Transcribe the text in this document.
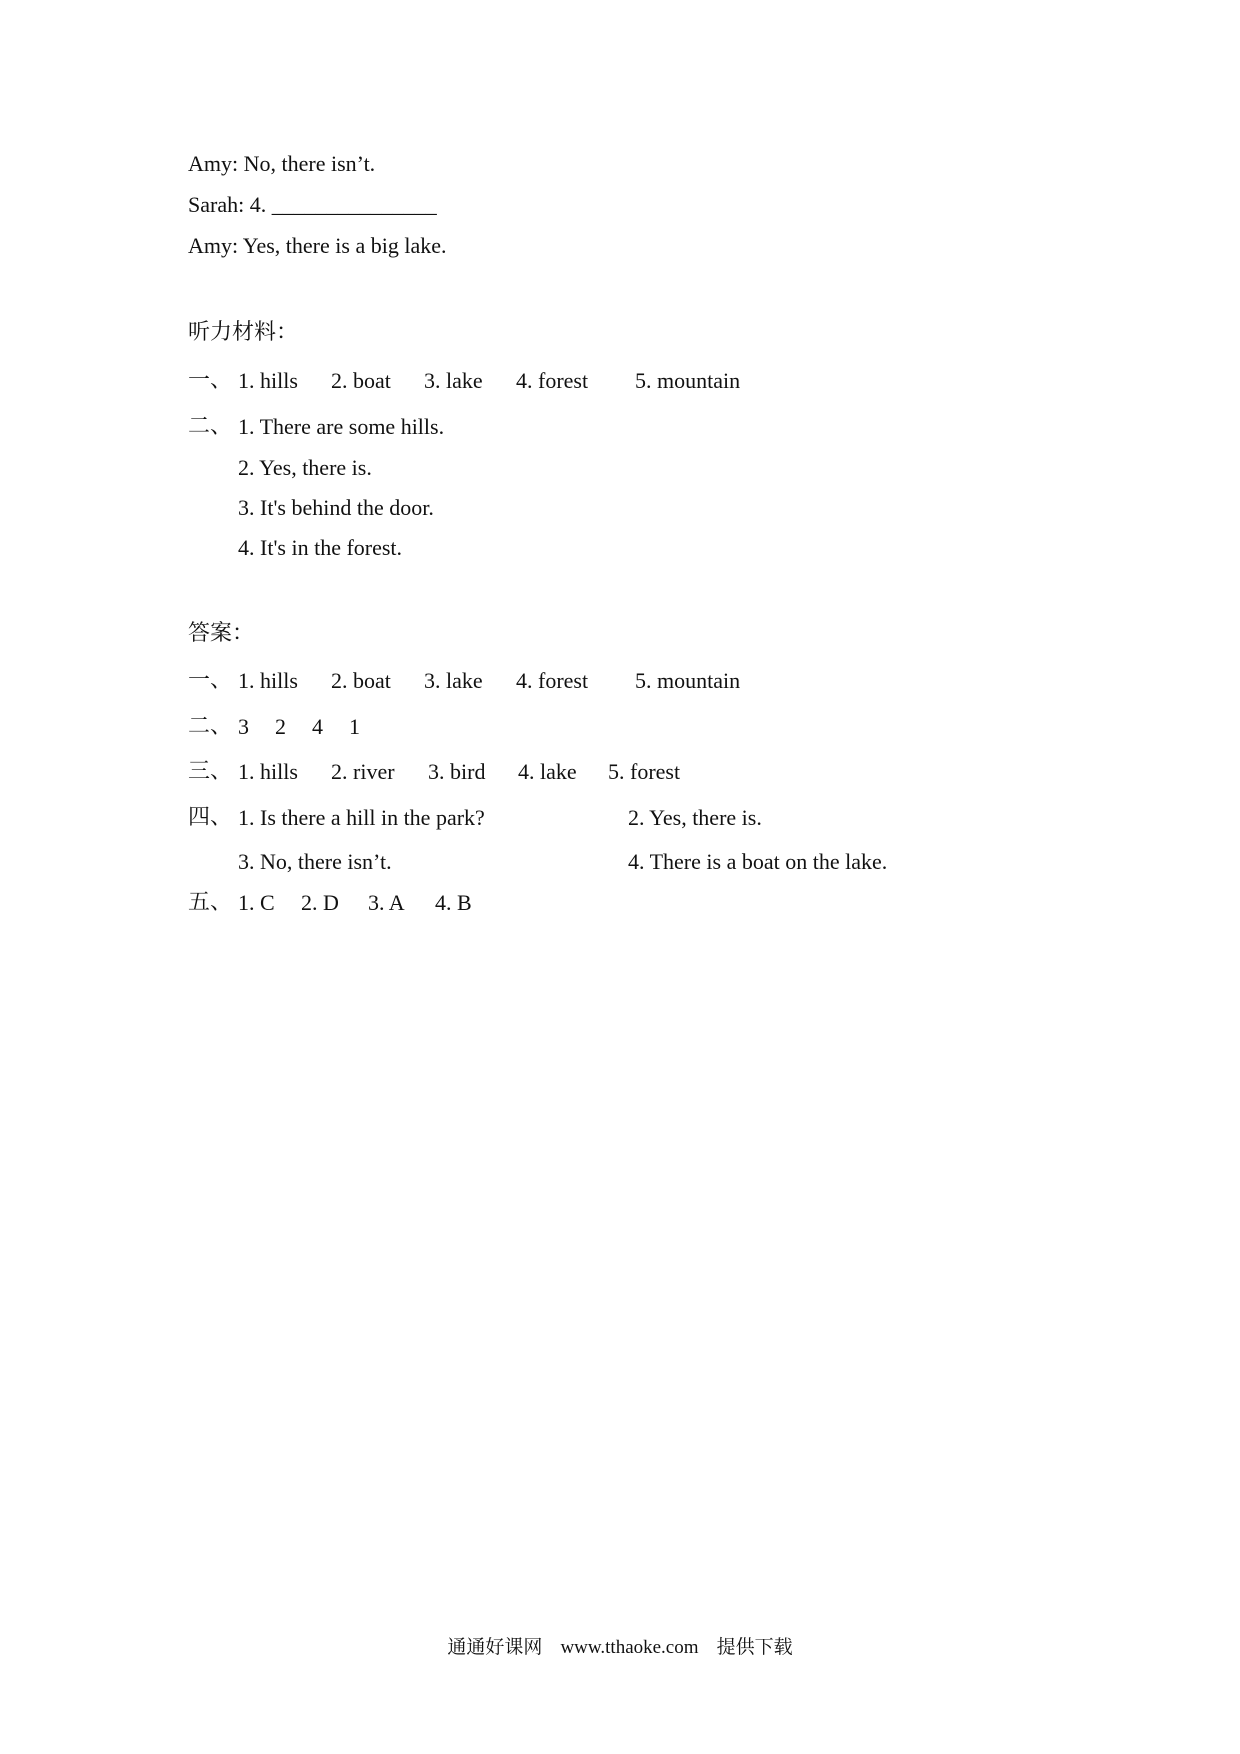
Amy: No, there isn’t.
Sarah: 4. _______________
Amy: Yes, there is a big lake.
听力材料：
一、 1. hills 2. boat 3. lake 4. forest 5. mountain
二、 1. There are some hills.
2. Yes, there is.
3. It's behind the door.
4. It's in the forest.
答案：
一、 1. hills 2. boat 3. lake 4. forest 5. mountain
二、 3 2 4 1
三、 1. hills 2. river 3. bird 4. lake 5. forest
四、 1. Is there a hill in the park?	2. Yes, there is.
3. No, there isn’t.	4. There is a boat on the lake.
五、 1. C 2. D 3. A 4. B
通通好课网 www.tthaoke.com 提供下载
